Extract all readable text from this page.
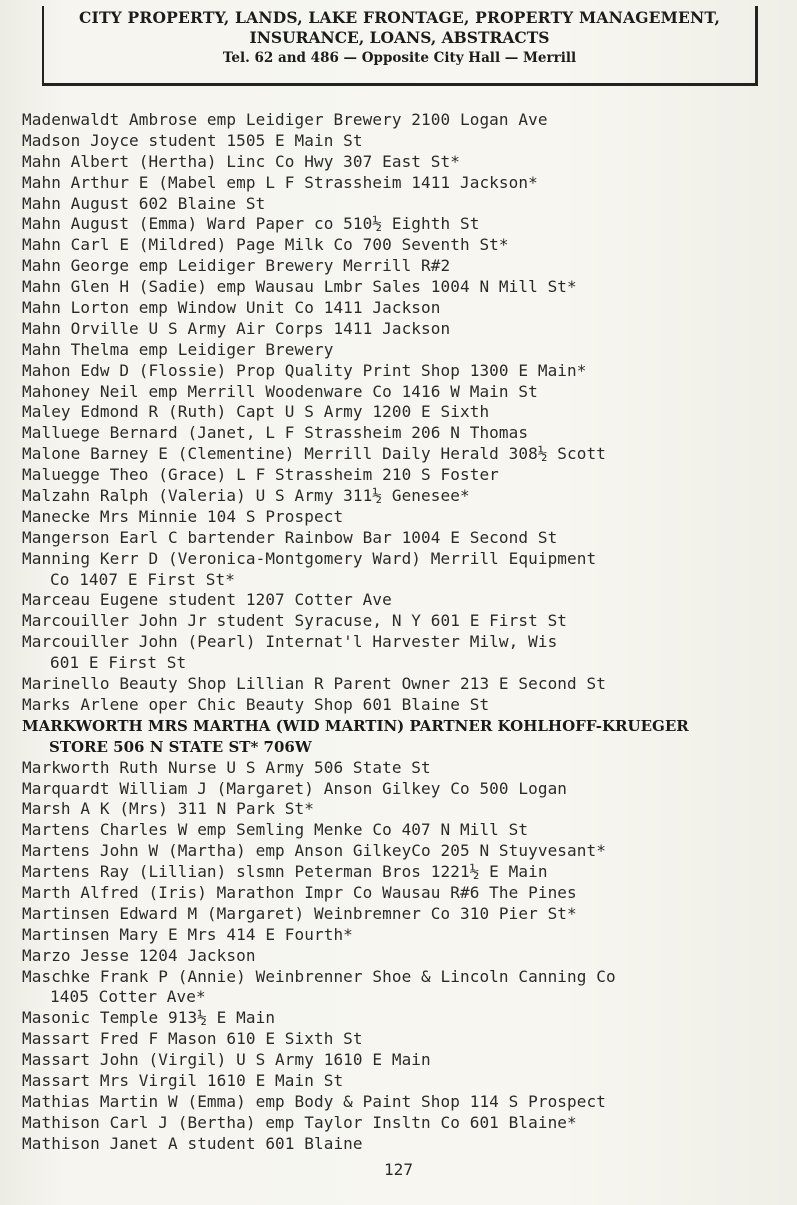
CITY PROPERTY, LANDS, LAKE FRONTAGE, PROPERTY MANAGEMENT,
INSURANCE, LOANS, ABSTRACTS
Tel. 62 and 486 — Opposite City Hall — Merrill
Madenwaldt Ambrose emp Leidiger Brewery 2100 Logan Ave
Madson Joyce student 1505 E Main St
Mahn Albert (Hertha) Linc Co Hwy 307 East St*
Mahn Arthur E (Mabel emp L F Strassheim 1411 Jackson*
Mahn August 602 Blaine St
Mahn August (Emma) Ward Paper co 510½ Eighth St
Mahn Carl E (Mildred) Page Milk Co 700 Seventh St*
Mahn George emp Leidiger Brewery Merrill R#2
Mahn Glen H (Sadie) emp Wausau Lmbr Sales 1004 N Mill St*
Mahn Lorton emp Window Unit Co 1411 Jackson
Mahn Orville U S Army Air Corps 1411 Jackson
Mahn Thelma emp Leidiger Brewery
Mahon Edw D (Flossie) Prop Quality Print Shop 1300 E Main*
Mahoney Neil emp Merrill Woodenware Co 1416 W Main St
Maley Edmond R (Ruth) Capt U S Army 1200 E Sixth
Malluege Bernard (Janet, L F Strassheim 206 N Thomas
Malone Barney E (Clementine) Merrill Daily Herald 308½ Scott
Maluegge Theo (Grace) L F Strassheim 210 S Foster
Malzahn Ralph (Valeria) U S Army 311½ Genesee*
Manecke Mrs Minnie 104 S Prospect
Mangerson Earl C bartender Rainbow Bar 1004 E Second St
Manning Kerr D (Veronica-Montgomery Ward) Merrill Equipment
Co 1407 E First St*
Marceau Eugene student 1207 Cotter Ave
Marcouiller John Jr student Syracuse, N Y 601 E First St
Marcouiller John (Pearl) Internat'l Harvester Milw, Wis
601 E First St
Marinello Beauty Shop Lillian R Parent Owner 213 E Second St
Marks Arlene oper Chic Beauty Shop 601 Blaine St
MARKWORTH MRS MARTHA (WID MARTIN) PARTNER KOHLHOFF-KRUEGER
STORE 506 N STATE ST* 706W
Markworth Ruth Nurse U S Army 506 State St
Marquardt William J (Margaret) Anson Gilkey Co 500 Logan
Marsh A K (Mrs) 311 N Park St*
Martens Charles W emp Semling Menke Co 407 N Mill St
Martens John W (Martha) emp Anson GilkeyCo 205 N Stuyvesant*
Martens Ray (Lillian) slsmn Peterman Bros 1221½ E Main
Marth Alfred (Iris) Marathon Impr Co Wausau R#6 The Pines
Martinsen Edward M (Margaret) Weinbremner Co 310 Pier St*
Martinsen Mary E Mrs 414 E Fourth*
Marzo Jesse 1204 Jackson
Maschke Frank P (Annie) Weinbrenner Shoe & Lincoln Canning Co
1405 Cotter Ave*
Masonic Temple 913½ E Main
Massart Fred F Mason 610 E Sixth St
Massart John (Virgil) U S Army 1610 E Main
Massart Mrs Virgil 1610 E Main St
Mathias Martin W (Emma) emp Body & Paint Shop 114 S Prospect
Mathison Carl J (Bertha) emp Taylor Insltn Co 601 Blaine*
Mathison Janet A student 601 Blaine
127
